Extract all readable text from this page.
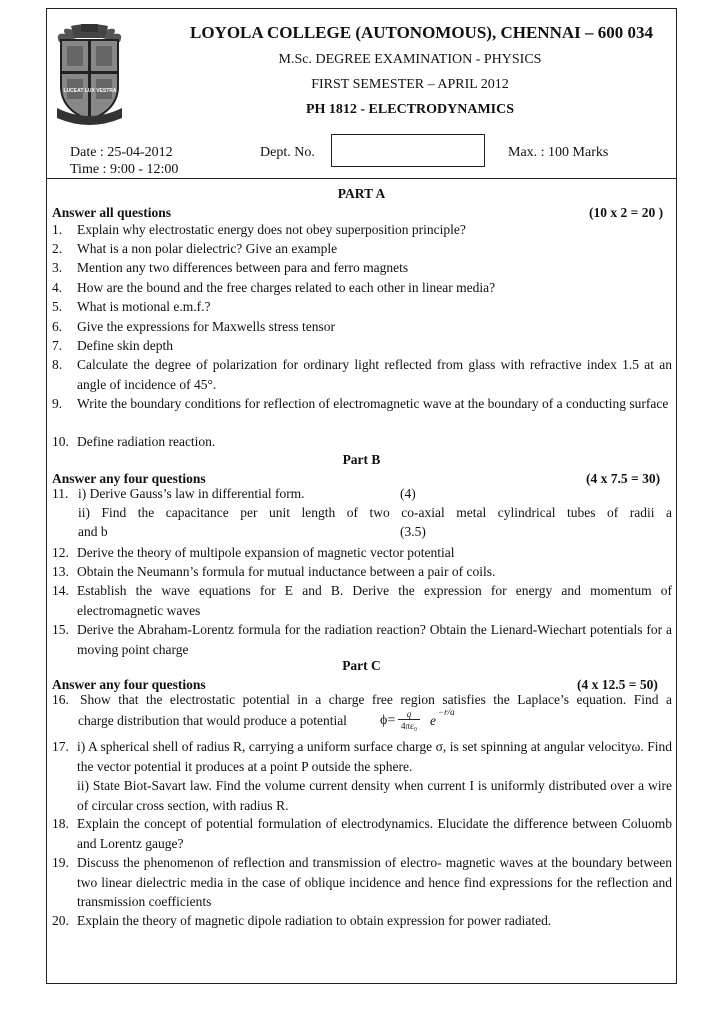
LUCEAT LUX VESTRA
LOYOLA COLLEGE (AUTONOMOUS), CHENNAI – 600 034
M.Sc. DEGREE EXAMINATION - PHYSICS
FIRST SEMESTER – APRIL 2012
PH 1812 - ELECTRODYNAMICS
Date : 25-04-2012
Time : 9:00 - 12:00
Dept. No.	Max. : 100 Marks
PART A
Answer all questions	(10 x 2 = 20 )
1. Explain why electrostatic energy does not obey superposition principle?
2. What is a non polar dielectric? Give an example
3. Mention any two differences between para and ferro magnets
4. How are the bound and the free charges related to each other in linear media?
5. What is motional e.m.f.?
6. Give the expressions for Maxwells stress tensor
7. Define skin depth
8. Calculate the degree of polarization for ordinary light reflected from glass with refractive index 1.5 at an angle of incidence of 45°.
9. Write the boundary conditions for reflection of electromagnetic wave at the boundary of a conducting surface
10. Define radiation reaction.
Part B
Answer any four questions	(4 x 7.5 = 30)
11. i) Derive Gauss’s law in differential form.	(4)
ii) Find the capacitance per unit length of two co-axial metal cylindrical tubes of radii a
and b	(3.5)
12. Derive the theory of multipole expansion of magnetic vector potential
13. Obtain the Neumann’s formula for mutual inductance between a pair of coils.
14. Establish the wave equations for E and B. Derive the expression for energy and momentum of electromagnetic waves
15. Derive the Abraham-Lorentz formula for the radiation reaction? Obtain the Lienard-Wiechart potentials for a moving point charge
Part C
Answer any four questions	(4 x 12.5 = 50)
16. Show that the electrostatic potential in a charge free region satisfies the Laplace’s equation. Find a
charge distribution that would produce a potential ϕ=	q
4πε₀ e
−r/a
17. i) A spherical shell of radius R, carrying a uniform surface charge σ, is set spinning at angular velocityω. Find the vector potential it produces at a point P outside the sphere.
ii) State Biot-Savart law. Find the volume current density when current I is uniformly distributed over a wire of circular cross section, with radius R.
18. Explain the concept of potential formulation of electrodynamics. Elucidate the difference between Coluomb and Lorentz gauge?
19. Discuss the phenomenon of reflection and transmission of electro- magnetic waves at the boundary between two linear dielectric media in the case of oblique incidence and hence find expressions for the reflection and transmission coefficients
20. Explain the theory of magnetic dipole radiation to obtain expression for power radiated.
